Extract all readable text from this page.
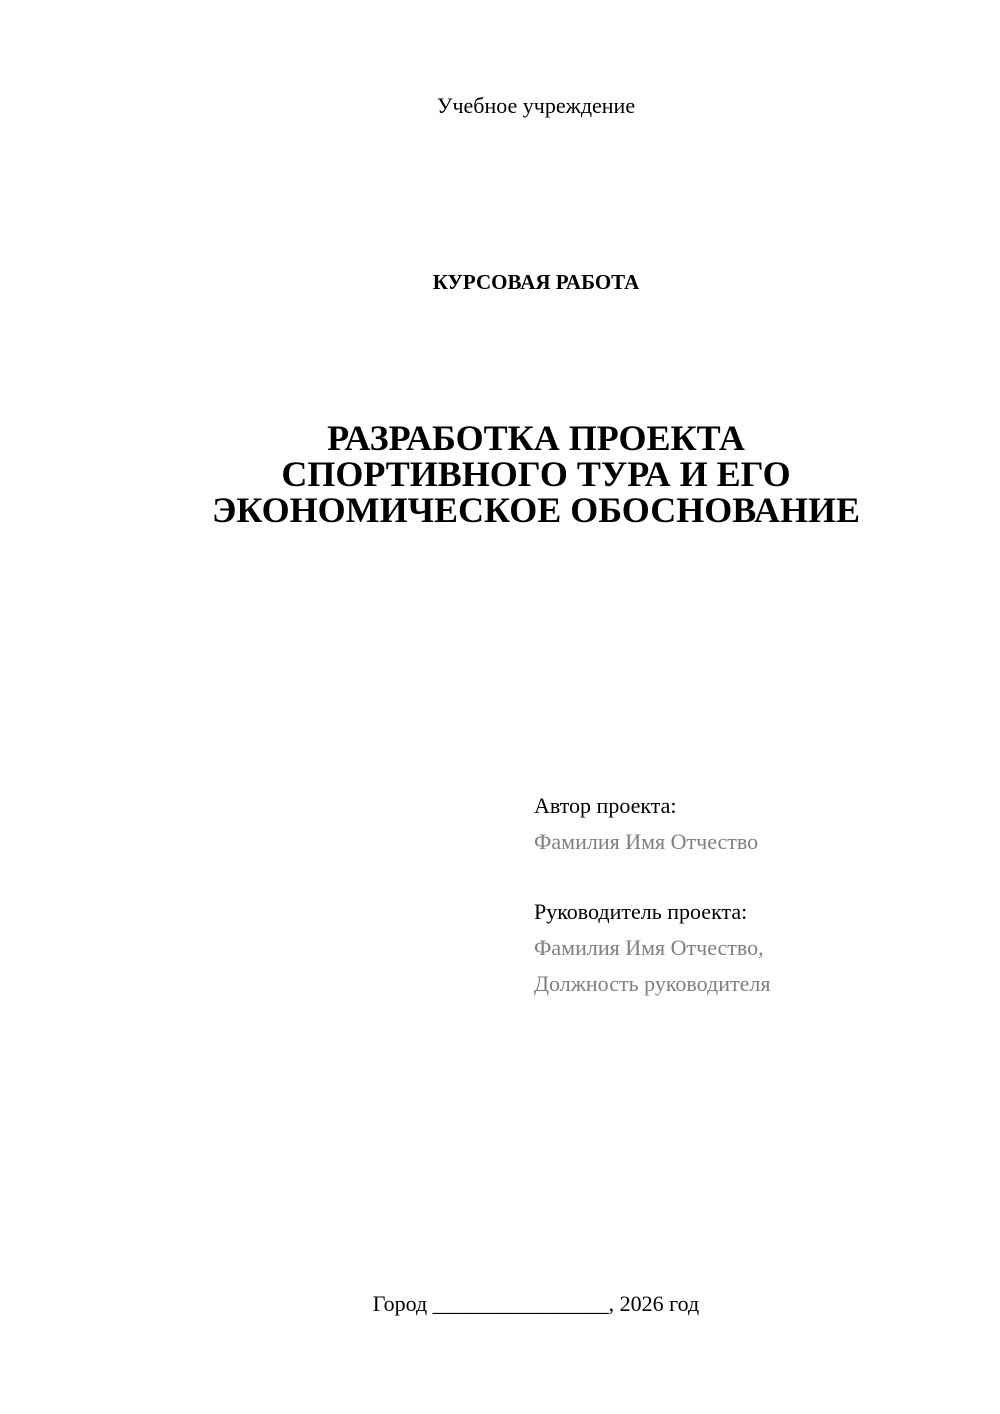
Учебное учреждение
КУРСОВАЯ РАБОТА
РАЗРАБОТКА ПРОЕКТА
СПОРТИВНОГО ТУРА И ЕГО
ЭКОНОМИЧЕСКОЕ ОБОСНОВАНИЕ
Автор проекта:
Фамилия Имя Отчество
Руководитель проекта:
Фамилия Имя Отчество,
Должность руководителя
Город ________________, 2026 год
